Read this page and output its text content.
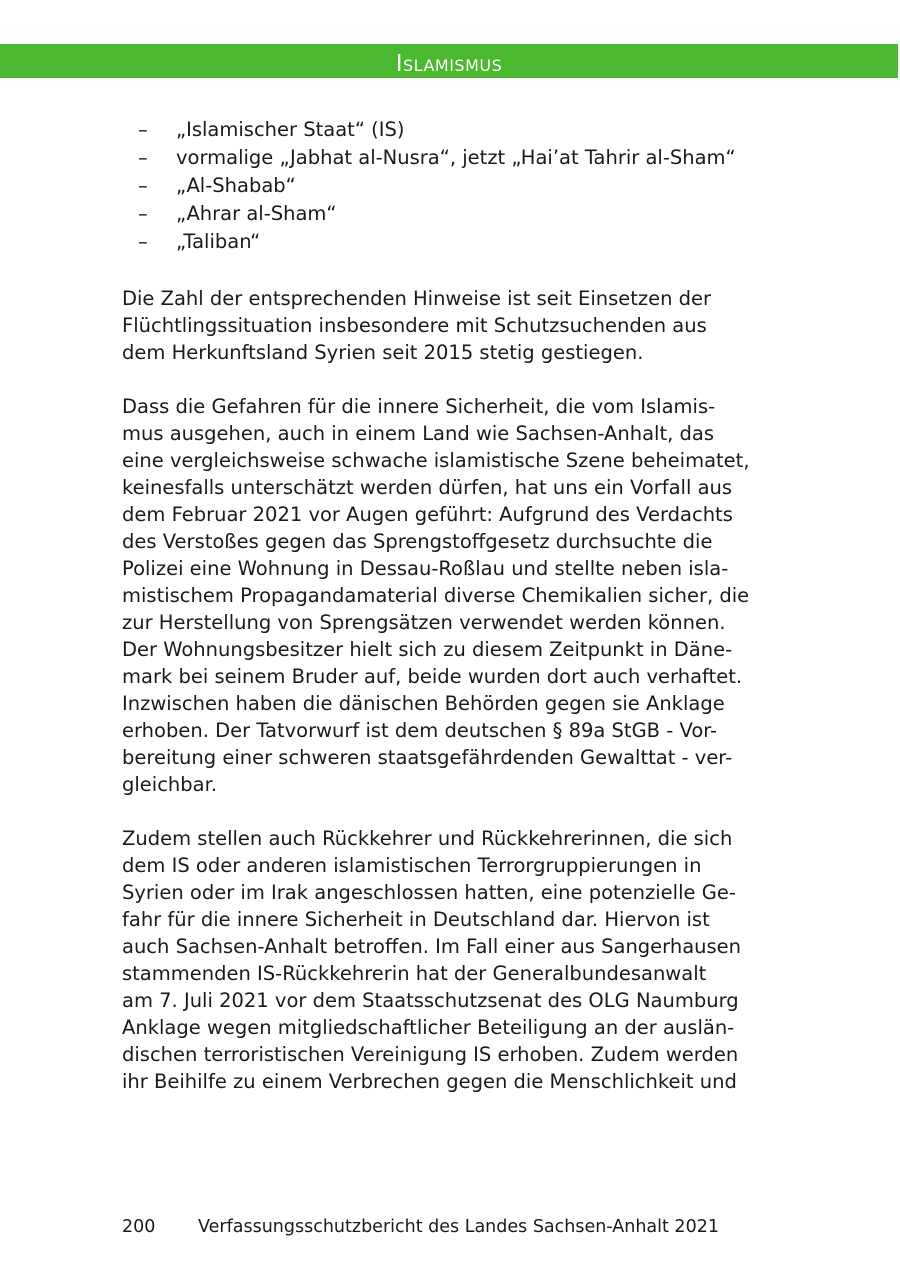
Islamismus
– „Islamischer Staat“ (IS)
– vormalige „Jabhat al-Nusra“, jetzt „Hai’at Tahrir al-Sham“
– „Al-Shabab“
– „Ahrar al-Sham“
– „Taliban“

Die Zahl der entsprechenden Hinweise ist seit Einsetzen der
Flüchtlingssituation insbesondere mit Schutzsuchenden aus
dem Herkunftsland Syrien seit 2015 stetig gestiegen.

Dass die Gefahren für die innere Sicherheit, die vom Islamis-
mus ausgehen, auch in einem Land wie Sachsen-Anhalt, das
eine vergleichsweise schwache islamistische Szene beheimatet,
keinesfalls unterschätzt werden dürfen, hat uns ein Vorfall aus
dem Februar 2021 vor Augen geführt: Aufgrund des Verdachts
des Verstoßes gegen das Sprengstoffgesetz durchsuchte die
Polizei eine Wohnung in Dessau-Roßlau und stellte neben isla-
mistischem Propagandamaterial diverse Chemikalien sicher, die
zur Herstellung von Sprengsätzen verwendet werden können.
Der Wohnungsbesitzer hielt sich zu diesem Zeitpunkt in Däne-
mark bei seinem Bruder auf, beide wurden dort auch verhaftet.
Inzwischen haben die dänischen Behörden gegen sie Anklage
erhoben. Der Tatvorwurf ist dem deutschen § 89a StGB - Vor-
bereitung einer schweren staatsgefährdenden Gewalttat - ver-
gleichbar.

Zudem stellen auch Rückkehrer und Rückkehrerinnen, die sich
dem IS oder anderen islamistischen Terrorgruppierungen in
Syrien oder im Irak angeschlossen hatten, eine potenzielle Ge-
fahr für die innere Sicherheit in Deutschland dar. Hiervon ist
auch Sachsen-Anhalt betroffen. Im Fall einer aus Sangerhausen
stammenden IS-Rückkehrerin hat der Generalbundesanwalt
am 7. Juli 2021 vor dem Staatsschutzsenat des OLG Naumburg
Anklage wegen mitgliedschaftlicher Beteiligung an der auslän-
dischen terroristischen Vereinigung IS erhoben. Zudem werden
ihr Beihilfe zu einem Verbrechen gegen die Menschlichkeit und

200 Verfassungsschutzbericht des Landes Sachsen-Anhalt 2021
